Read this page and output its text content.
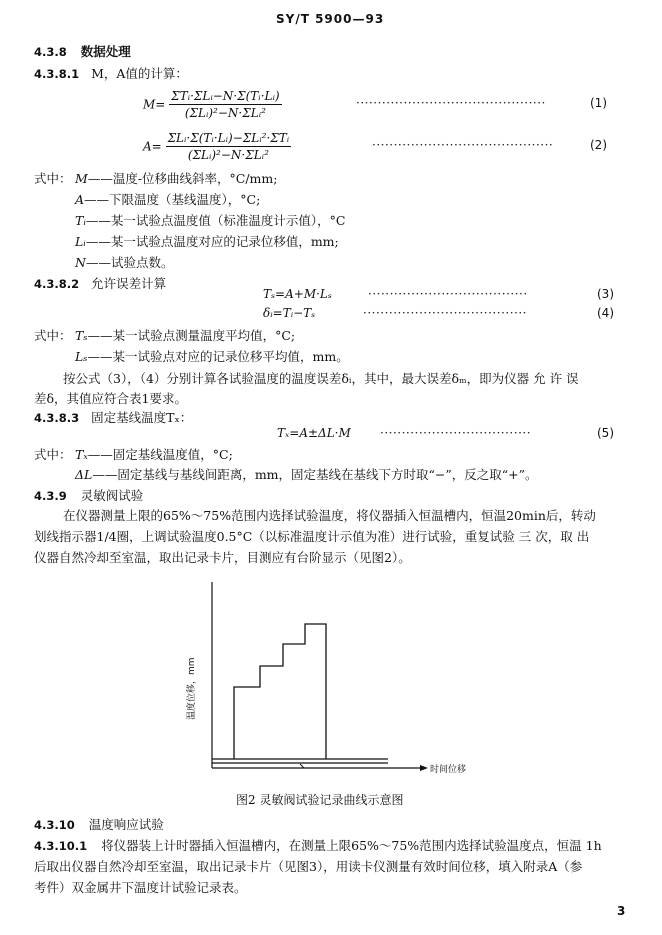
SY/T 5900—93
4.3.8 数据处理
4.3.8.1 M，A值的计算：
$M= \frac{\text{ΣTᵢ·ΣLᵢ−N·Σ(Tᵢ·Lᵢ)}}{\text{(ΣLᵢ)²−N·ΣLᵢ²}}$	············································	(1)
$A= \frac{\text{ΣLᵢ·Σ(Tᵢ·Lᵢ)−ΣLᵢ²·ΣTᵢ}}{\text{(ΣLᵢ)²−N·ΣLᵢ²}}$	··········································	(2)
式中： M——温度-位移曲线斜率，°C/mm;
A——下限温度（基线温度），°C;
Tᵢ——某一试验点温度值（标准温度计示值），°C
Lᵢ——某一试验点温度对应的记录位移值，mm;
N——试验点数。
4.3.8.2 允许误差计算
Tₛ=A+M·Lₛ	·····································	(3)
δᵢ=Tᵢ−Tₛ	······································	(4)
式中： Tₛ——某一试验点测量温度平均值，°C;
Lₛ——某一试验点对应的记录位移平均值，mm。
按公式（3），（4）分别计算各试验温度的温度误差δᵢ，其中，最大误差δₘ，即为仪器 允 许 误
差δ，其值应符合表1要求。
4.3.8.3 固定基线温度Tₓ：
Tₓ=A±ΔL·M ···································	(5)
式中： Tₓ——固定基线温度值，°C;
ΔL——固定基线与基线间距离，mm，固定基线在基线下方时取“−”，反之取“+”。
4.3.9 灵敏阀试验
在仪器测量上限的65%～75%范围内选择试验温度，将仪器插入恒温槽内，恒温20min后，转动
划线指示器1/4圈，上调试验温度0.5°C（以标准温度计示值为准）进行试验，重复试验 三 次，取 出
仪器自然冷却至室温，取出记录卡片，目测应有台阶显示（见图2）。
温度位移，mm
时间位移
图2 灵敏阀试验记录曲线示意图
4.3.10 温度响应试验
4.3.10.1 将仪器装上计时器插入恒温槽内，在测量上限65%～75%范围内选择试验温度点，恒温 1h
后取出仪器自然冷却至室温，取出记录卡片（见图3），用读卡仪测量有效时间位移，填入附录A（参
考件）双金属井下温度计试验记录表。
3
